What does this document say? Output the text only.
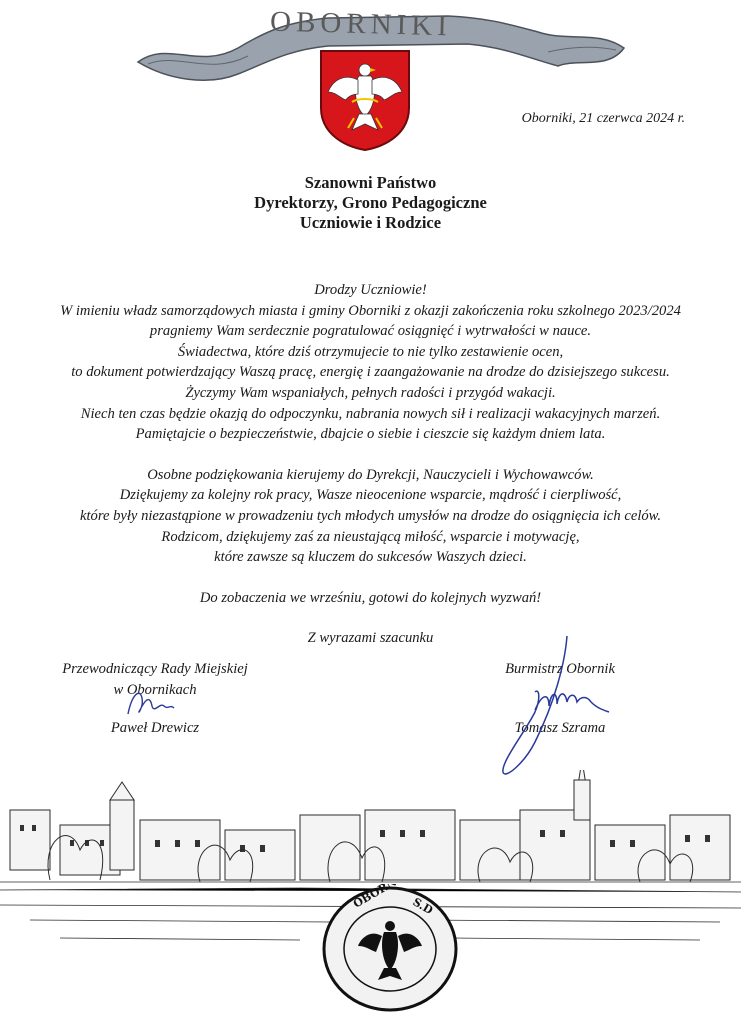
OBORNIKI
Oborniki, 21 czerwca 2024 r.
Szanowni Państwo
Dyrektorzy, Grono Pedagogiczne
Uczniowie i Rodzice

Drodzy Uczniowie!

W imieniu władz samorządowych miasta i gminy Oborniki z okazji zakończenia roku szkolnego 2023/2024

pragniemy Wam serdecznie pogratulować osiągnięć i wytrwałości w nauce.

Świadectwa, które dziś otrzymujecie to nie tylko zestawienie ocen,

to dokument potwierdzający Waszą pracę, energię i zaangażowanie na drodze do dzisiejszego sukcesu.

Życzymy Wam wspaniałych, pełnych radości i przygód wakacji.

Niech ten czas będzie okazją do odpoczynku, nabrania nowych sił i realizacji wakacyjnych marzeń.

Pamiętajcie o bezpieczeństwie, dbajcie o siebie i cieszcie się każdym dniem lata.

Osobne podziękowania kierujemy do Dyrekcji, Nauczycieli i Wychowawców.

Dziękujemy za kolejny rok pracy, Wasze nieocenione wsparcie, mądrość i cierpliwość,

które były niezastąpione w prowadzeniu tych młodych umysłów na drodze do osiągnięcia ich celów.

Rodzicom, dziękujemy zaś za nieustającą miłość, wsparcie i motywację,

które zawsze są kluczem do sukcesów Waszych dzieci.

Do zobaczenia we wrześniu, gotowi do kolejnych wyzwań!

Z wyrazami szacunku

Przewodniczący Rady Miejskiej
w Obornikach
Paweł Drewicz
Burmistrz Obornik
Tomasz Szrama
S.D
